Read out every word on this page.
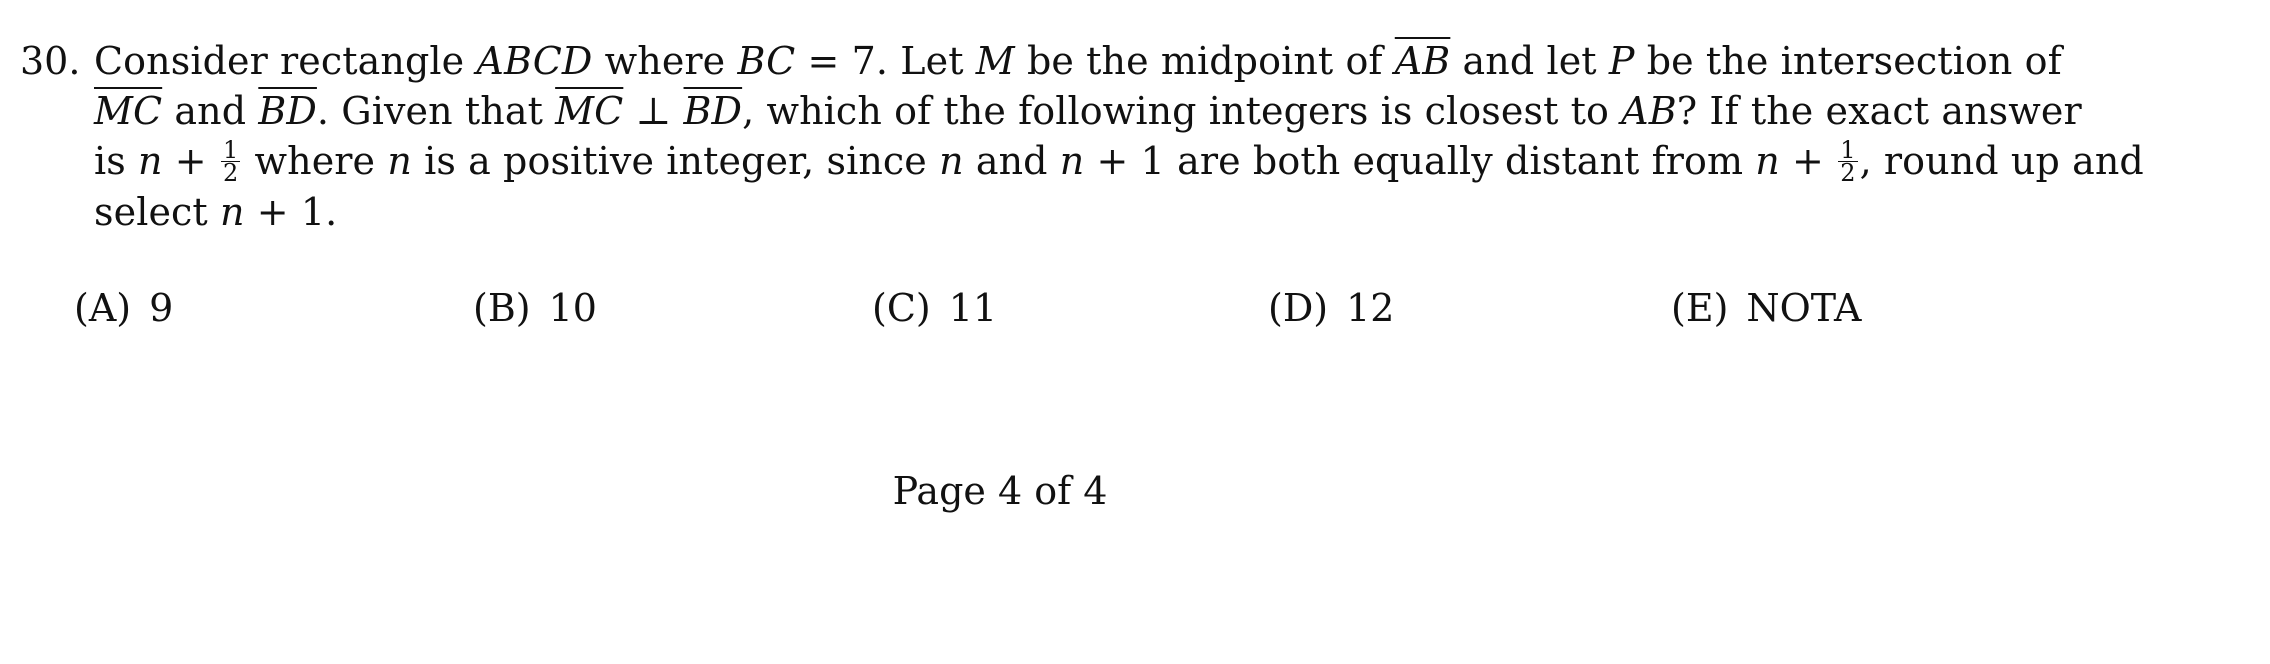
30. Consider rectangle ABCD where BC = 7. Let M be the midpoint of $\overline{AB}$ and let P be the intersection of
$\overline{MC}$ and $\overline{BD}$. Given that $\overline{MC}$ ⊥ $\overline{BD}$, which of the following integers is closest to AB? If the exact answer
is $n + \frac{1}{2}$ where n is a positive integer, since n and n + 1 are both equally distant from $n + \frac{1}{2}$ , round up and
select n + 1.
(A) 9	(B) 10	(C) 11	(D) 12	(E) NOTA
Page 4 of 4
